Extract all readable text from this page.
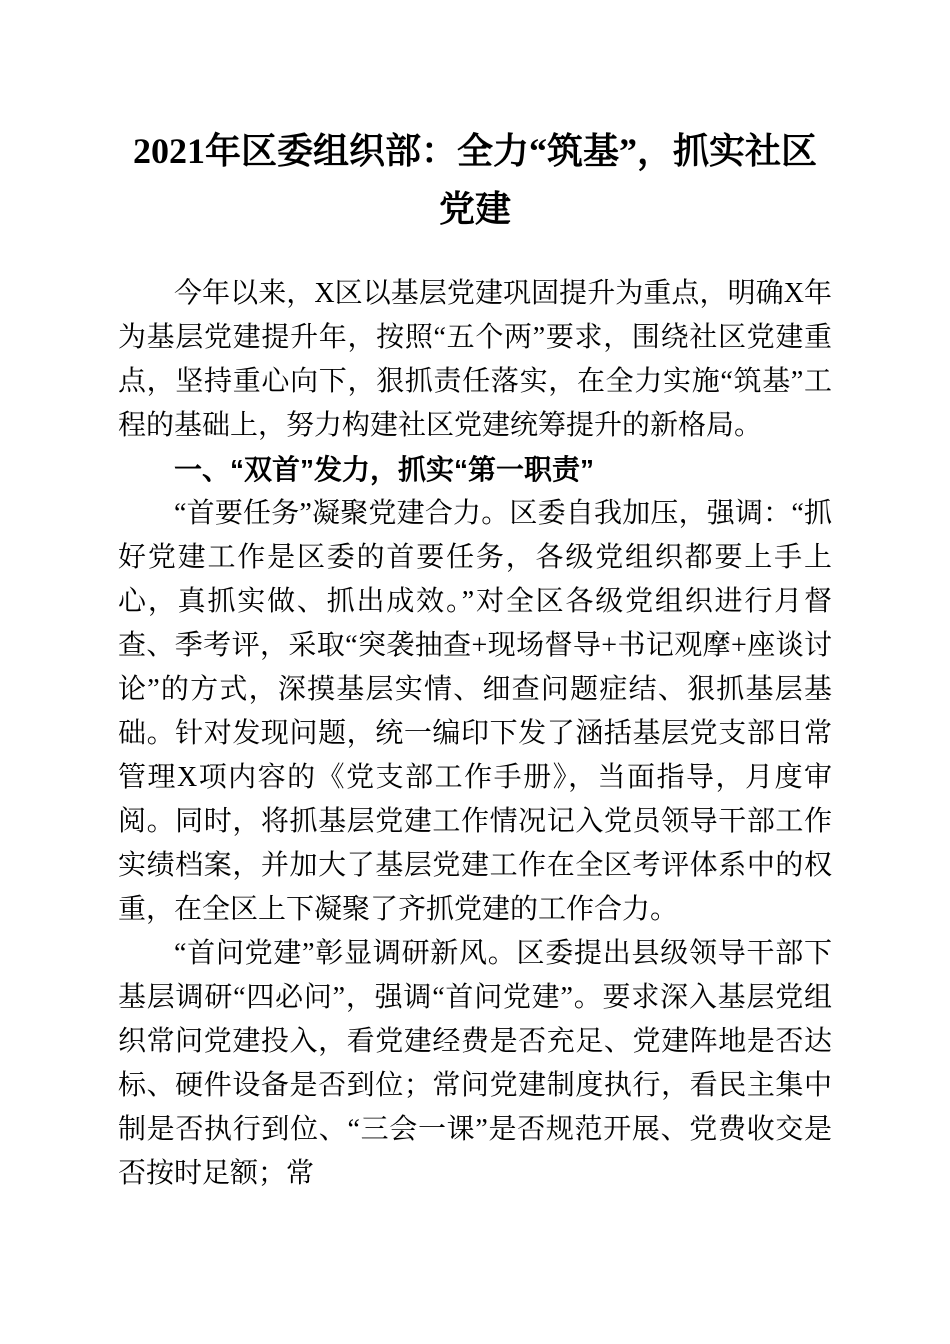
2021年区委组织部：全力“筑基”，抓实社区党建

今年以来，X区以基层党建巩固提升为重点，明确X年为基层党建提升年，按照“五个两”要求，围绕社区党建重点，坚持重心向下，狠抓责任落实，在全力实施“筑基”工程的基础上，努力构建社区党建统筹提升的新格局。

一、“双首”发力，抓实“第一职责”

“首要任务”凝聚党建合力。区委自我加压，强调：“抓好党建工作是区委的首要任务，各级党组织都要上手上心，真抓实做、抓出成效。”对全区各级党组织进行月督查、季考评，采取“突袭抽查+现场督导+书记观摩+座谈讨论”的方式，深摸基层实情、细查问题症结、狠抓基层基础。针对发现问题，统一编印下发了涵括基层党支部日常管理X项内容的《党支部工作手册》，当面指导，月度审阅。同时，将抓基层党建工作情况记入党员领导干部工作实绩档案，并加大了基层党建工作在全区考评体系中的权重，在全区上下凝聚了齐抓党建的工作合力。

“首问党建”彰显调研新风。区委提出县级领导干部下基层调研“四必问”，强调“首问党建”。要求深入基层党组织常问党建投入，看党建经费是否充足、党建阵地是否达标、硬件设备是否到位；常问党建制度执行，看民主集中制是否执行到位、“三会一课”是否规范开展、党费收交是否按时足额；常
